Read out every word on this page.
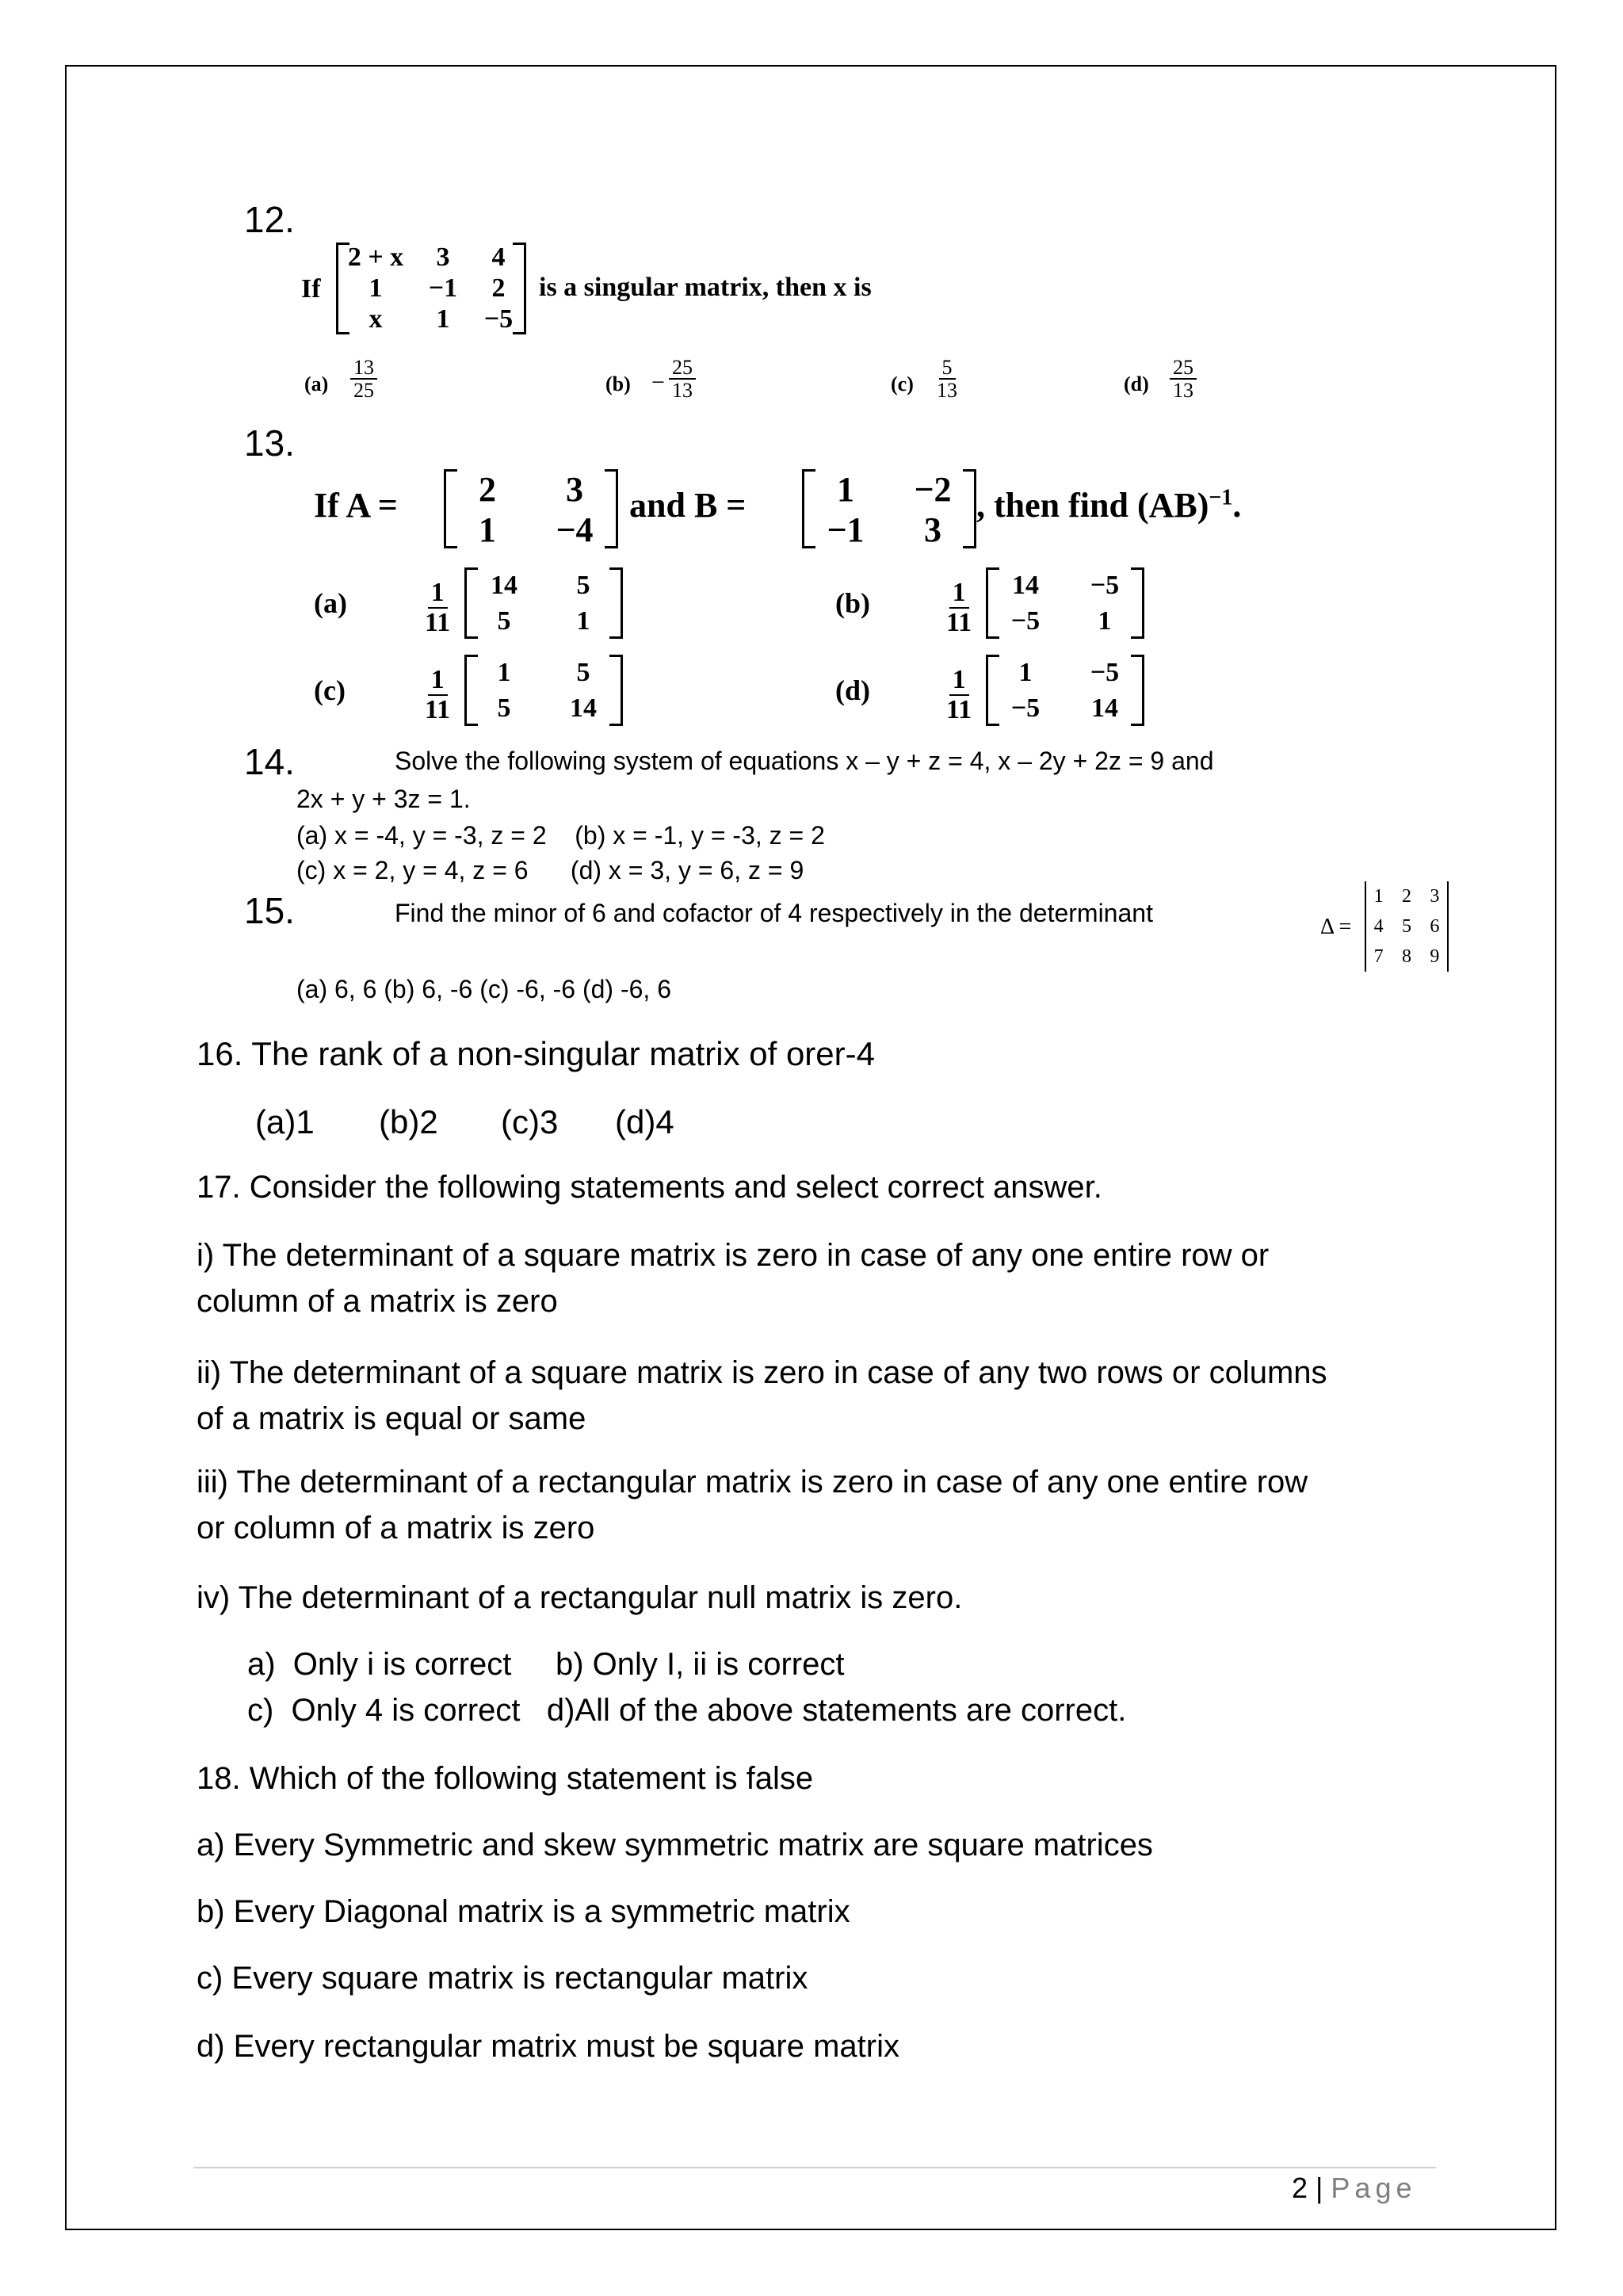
12.
If
2 + x 3 4
1 −1 2
x 1 −5
is a singular matrix, then x is
$(a) \frac{13}{25}$	$(b) - \frac{25}{13}$	$(c) \frac{5}{13}$	$(d) \frac{25}{13}$
13.
If A = 2 3
1 −4
and B =	1 −2
−1 3
, then find (AB)$^{-1}$.
(a)	$\frac{1}{11} 14$ 5
5 1
(b)	$\frac{1}{11} 14 -5$
−5 1
(c)	$\frac{1}{11} 1$ 5
5 14
(d)	$\frac{1}{11} 1 -5$
−5 14
14.	Solve the following system of equations x – y + z = 4, x – 2y + 2z = 9 and
2x + y + 3z = 1.
(a) x = -4, y = -3, z = 2    (b) x = -1, y = -3, z = 2
(c) x = 2, y = 4, z = 6      (d) x = 3, y = 6, z = 9
15.	Find the minor of 6 and cofactor of 4 respectively in the determinant	Δ =
1 2 3
4 5 6
7 8 9
(a) 6, 6 (b) 6, -6 (c) -6, -6 (d) -6, 6
16. The rank of a non-singular matrix of orer-4
(a)1 (b)2 (c)3 (d)4
17. Consider the following statements and select correct answer.
i) The determinant of a square matrix is zero in case of any one entire row or
column of a matrix is zero
ii) The determinant of a square matrix is zero in case of any two rows or columns
of a matrix is equal or same
iii) The determinant of a rectangular matrix is zero in case of any one entire row
or column of a matrix is zero
iv) The determinant of a rectangular null matrix is zero.
a)  Only i is correct     b) Only I, ii is correct
c)  Only 4 is correct   d)All of the above statements are correct.
18. Which of the following statement is false
a) Every Symmetric and skew symmetric matrix are square matrices
b) Every Diagonal matrix is a symmetric matrix
c) Every square matrix is rectangular matrix
d) Every rectangular matrix must be square matrix
2 | Page
